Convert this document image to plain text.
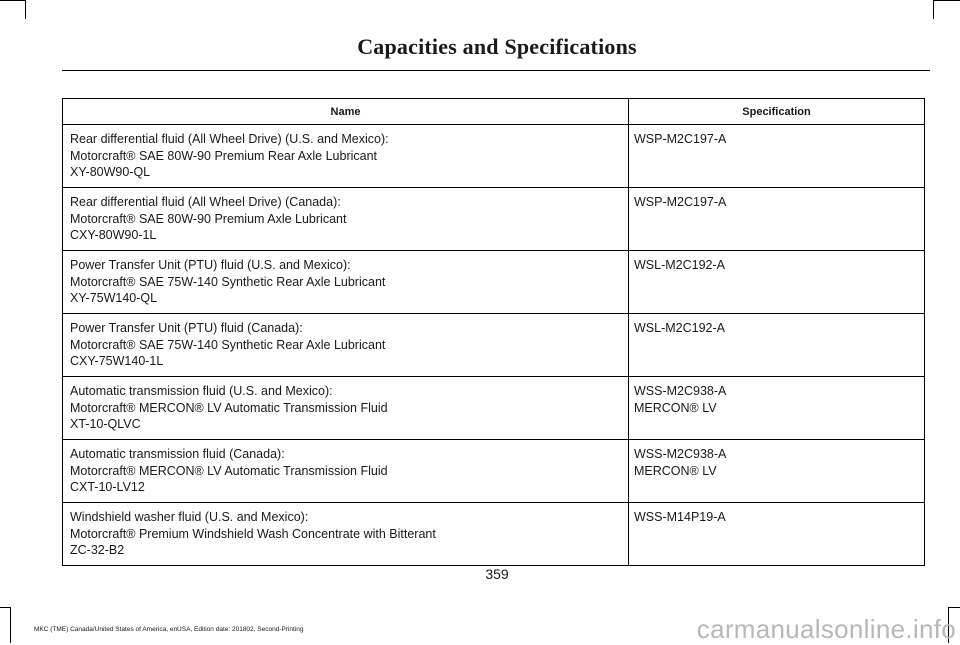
Capacities and Specifications
Name	Specification

Rear differential fluid (All Wheel Drive) (U.S. and Mexico):
Motorcraft® SAE 80W-90 Premium Rear Axle Lubricant
XY-80W90-QL	WSP-M2C197-A

Rear differential fluid (All Wheel Drive) (Canada):
Motorcraft® SAE 80W-90 Premium Axle Lubricant
CXY-80W90-1L	WSP-M2C197-A

Power Transfer Unit (PTU) fluid (U.S. and Mexico):
Motorcraft® SAE 75W-140 Synthetic Rear Axle Lubricant
XY-75W140-QL	WSL-M2C192-A

Power Transfer Unit (PTU) fluid (Canada):
Motorcraft® SAE 75W-140 Synthetic Rear Axle Lubricant
CXY-75W140-1L	WSL-M2C192-A

Automatic transmission fluid (U.S. and Mexico):
Motorcraft® MERCON® LV Automatic Transmission Fluid
XT-10-QLVC	WSS-M2C938-A
MERCON® LV

Automatic transmission fluid (Canada):
Motorcraft® MERCON® LV Automatic Transmission Fluid
CXT-10-LV12	WSS-M2C938-A
MERCON® LV

Windshield washer fluid (U.S. and Mexico):
Motorcraft® Premium Windshield Wash Concentrate with Bitterant
ZC-32-B2	WSS-M14P19-A
359
MKC (TME) Canada/United States of America, enUSA, Edition date: 201802, Second-Printing	carmanualsonline.info
